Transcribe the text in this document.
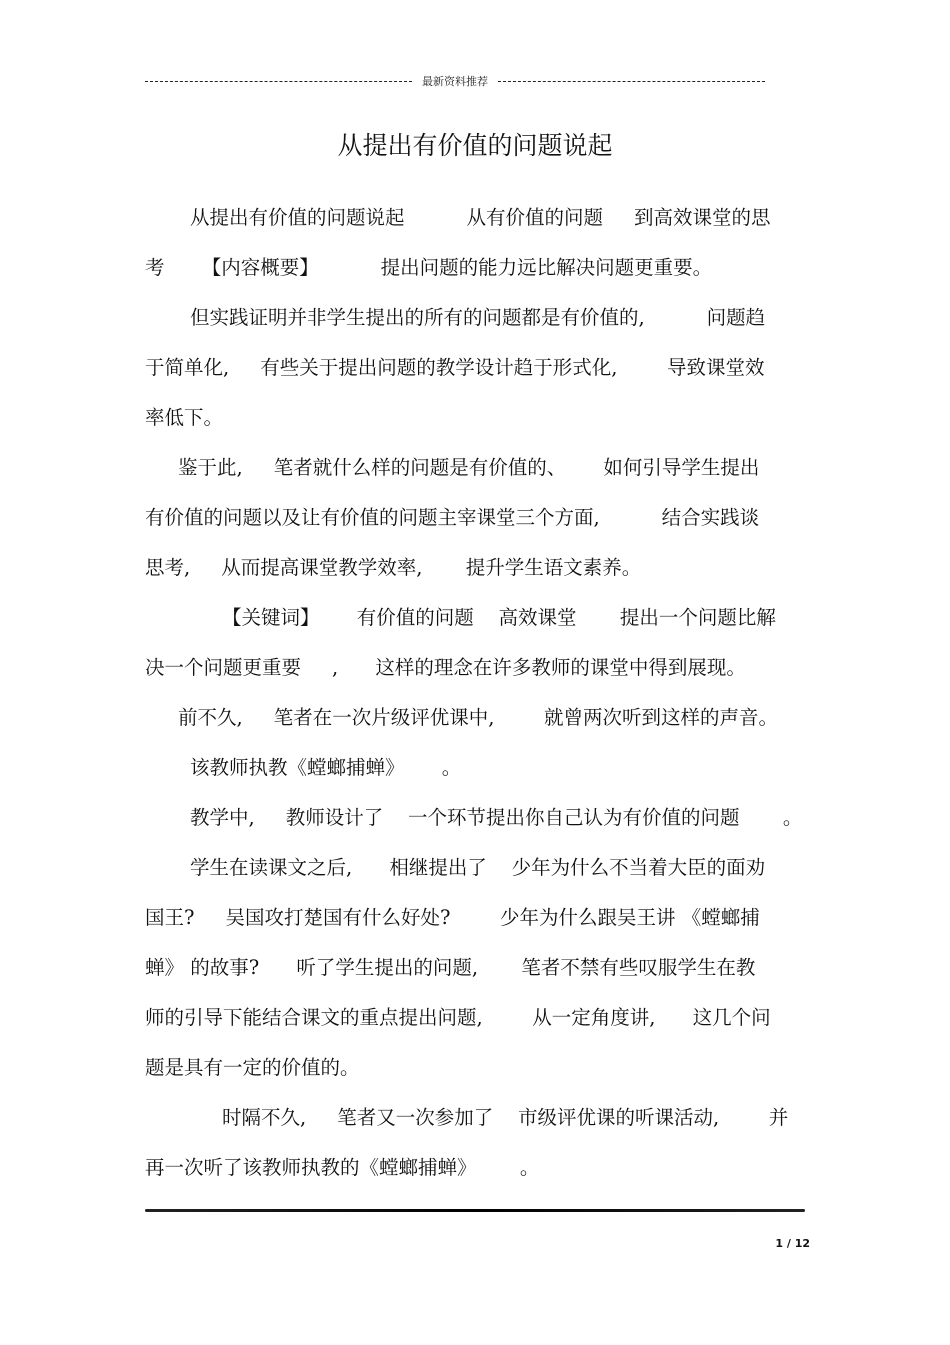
最新资料推荐
从提出有价值的问题说起
从提出有价值的问题说起          从有价值的问题     到高效课堂的思
考      【内容概要】          提出问题的能力远比解决问题更重要。
但实践证明并非学生提出的所有的问题都是有价值的,          问题趋
于简单化,     有些关于提出问题的教学设计趋于形式化,        导致课堂效
率低下。
鉴于此,     笔者就什么样的问题是有价值的、      如何引导学生提出
有价值的问题以及让有价值的问题主宰课堂三个方面,          结合实践谈
思考,     从而提高课堂教学效率,       提升学生语文素养。
【关键词】      有价值的问题    高效课堂       提出一个问题比解
决一个问题更重要     ,      这样的理念在许多教师的课堂中得到展现。
前不久,     笔者在一次片级评优课中,        就曾两次听到这样的声音。
该教师执教《螳螂捕蝉》      。
教学中,     教师设计了    一个环节提出你自己认为有价值的问题       。
学生在读课文之后,      相继提出了    少年为什么不当着大臣的面劝
国王?     吴国攻打楚国有什么好处?        少年为什么跟吴王讲 《螳螂捕
蝉》 的故事?      听了学生提出的问题,       笔者不禁有些叹服学生在教
师的引导下能结合课文的重点提出问题,        从一定角度讲,      这几个问
题是具有一定的价值的。
时隔不久,     笔者又一次参加了    市级评优课的听课活动,        并
再一次听了该教师执教的《螳螂捕蝉》       。
1 / 12
